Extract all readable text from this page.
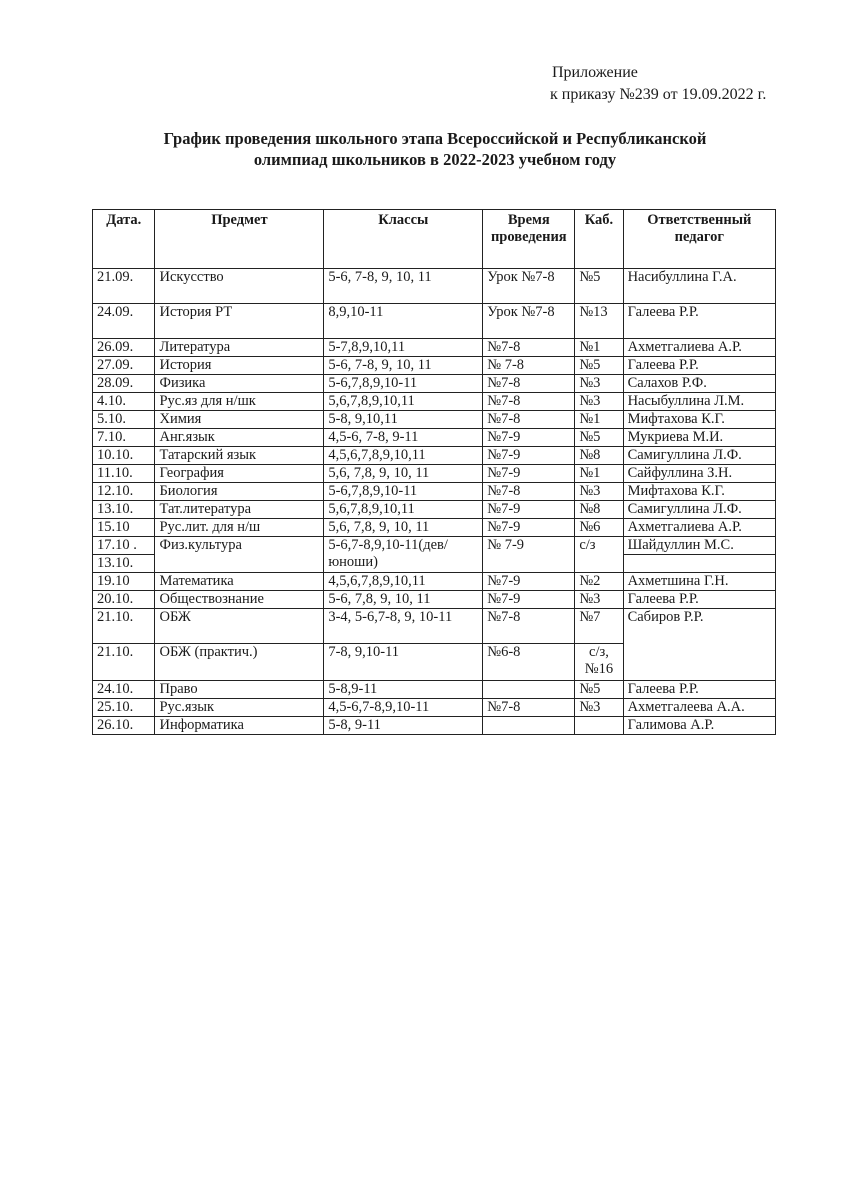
Приложение
к приказу №239 от 19.09.2022 г.
График проведения школьного этапа Всероссийской и Республиканской
олимпиад школьников в 2022-2023 учебном году
Дата.	Предмет	Классы	Время проведения	Каб.	Ответственный педагог
21.09.	Искусство	5-6, 7-8, 9, 10, 11	Урок №7-8	№5	Насибуллина Г.А.
24.09.	История РТ	8,9,10-11	Урок №7-8	№13	Галеева Р.Р.
26.09.	Литература	5-7,8,9,10,11	№7-8	№1	Ахметгалиева А.Р.
27.09.	История	5-6, 7-8, 9, 10, 11	№ 7-8	№5	Галеева Р.Р.
28.09.	Физика	5-6,7,8,9,10-11	№7-8	№3	Салахов Р.Ф.
4.10.	Рус.яз для н/шк	5,6,7,8,9,10,11	№7-8	№3	Насыбуллина Л.М.
5.10.	Химия	5-8, 9,10,11	№7-8	№1	Мифтахова К.Г.
7.10.	Анг.язык	4,5-6, 7-8, 9-11	№7-9	№5	Мукриева М.И.
10.10.	Татарский язык	4,5,6,7,8,9,10,11	№7-9	№8	Самигуллина Л.Ф.
11.10.	География	5,6, 7,8, 9, 10, 11	№7-9	№1	Сайфуллина З.Н.
12.10.	Биология	5-6,7,8,9,10-11	№7-8	№3	Мифтахова К.Г.
13.10.	Тат.литература	5,6,7,8,9,10,11	№7-9	№8	Самигуллина Л.Ф.
15.10	Рус.лит. для н/ш	5,6, 7,8, 9, 10, 11	№7-9	№6	Ахметгалиева А.Р.
17.10 .	Физ.культура	5-6,7-8,9,10-11(дев/юноши)	№ 7-9	с/з	Шайдуллин М.С.
13.10.					
19.10	Математика	4,5,6,7,8,9,10,11	№7-9	№2	Ахметшина Г.Н.
20.10.	Обществознание	5-6, 7,8, 9, 10, 11	№7-9	№3	Галеева Р.Р.
21.10.	ОБЖ	3-4, 5-6,7-8, 9, 10-11	№7-8	№7	Сабиров Р.Р.
21.10.	ОБЖ (практич.)	7-8, 9,10-11	№6-8	с/з, №16	
24.10.	Право	5-8,9-11		№5	Галеева Р.Р.
25.10.	Рус.язык	4,5-6,7-8,9,10-11	№7-8	№3	Ахметгалеева А.А.
26.10.	Информатика	5-8, 9-11			Галимова А.Р.
